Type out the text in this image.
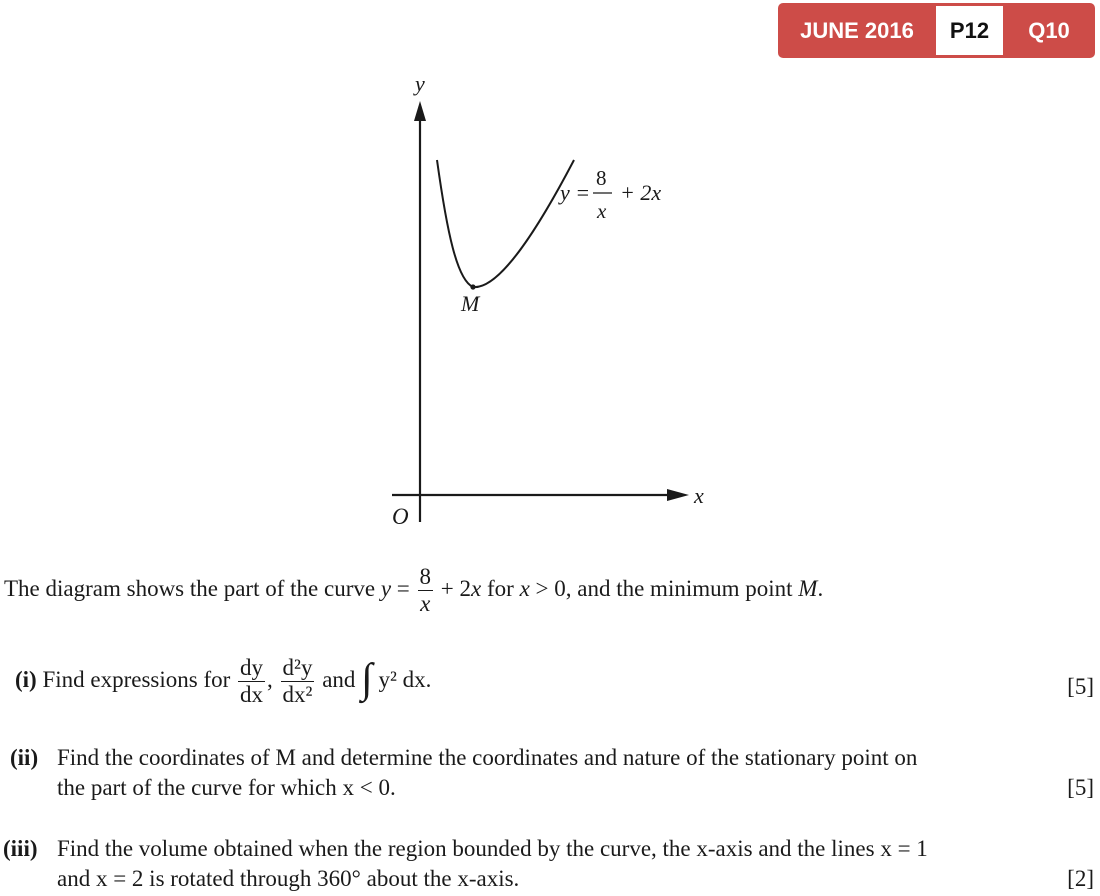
JUNE 2016	P12	Q10
y
x
O
M
y =
8
x
+ 2x
The diagram shows the part of the curve $y = \frac{8}{x} + 2x$ for x > 0, and the minimum point M.
(i) Find expressions for $\frac{dy}{dx}$ , $\frac{\text{d²y}}{\text{dx²}}$ and ∫ y² dx.	[5]
(ii) Find the coordinates of M and determine the coordinates and nature of the stationary point on
the part of the curve for which x < 0.	[5]
(iii) Find the volume obtained when the region bounded by the curve, the x-axis and the lines x = 1
and x = 2 is rotated through 360° about the x-axis.	[2]
